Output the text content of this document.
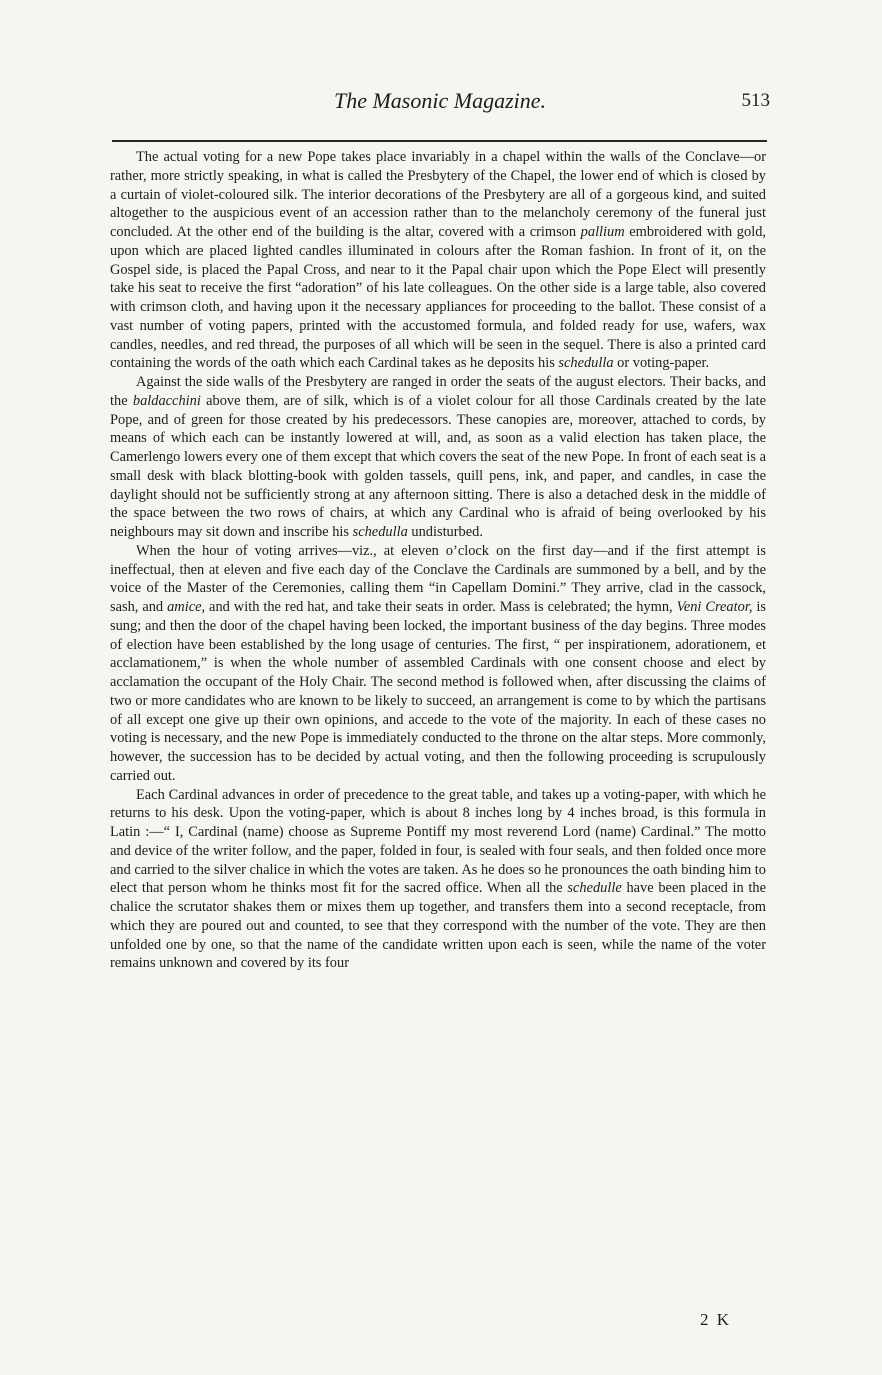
The Masonic Magazine.	513

The actual voting for a new Pope takes place invariably in a chapel within the walls of the Conclave—or rather, more strictly speaking, in what is called the Presbytery of the Chapel, the lower end of which is closed by a curtain of violet-coloured silk. The interior decorations of the Presbytery are all of a gorgeous kind, and suited altogether to the auspicious event of an accession rather than to the melancholy ceremony of the funeral just concluded. At the other end of the building is the altar, covered with a crimson pallium embroidered with gold, upon which are placed lighted candles illuminated in colours after the Roman fashion. In front of it, on the Gospel side, is placed the Papal Cross, and near to it the Papal chair upon which the Pope Elect will presently take his seat to receive the first “adoration” of his late colleagues. On the other side is a large table, also covered with crimson cloth, and having upon it the necessary appliances for proceeding to the ballot. These consist of a vast number of voting papers, printed with the accustomed formula, and folded ready for use, wafers, wax candles, needles, and red thread, the purposes of all which will be seen in the sequel. There is also a printed card containing the words of the oath which each Cardinal takes as he deposits his schedulla or voting-paper.

Against the side walls of the Presbytery are ranged in order the seats of the august electors. Their backs, and the baldacchini above them, are of silk, which is of a violet colour for all those Cardinals created by the late Pope, and of green for those created by his predecessors. These canopies are, moreover, attached to cords, by means of which each can be instantly lowered at will, and, as soon as a valid election has taken place, the Camerlengo lowers every one of them except that which covers the seat of the new Pope. In front of each seat is a small desk with black blotting-book with golden tassels, quill pens, ink, and paper, and candles, in case the daylight should not be sufficiently strong at any afternoon sitting. There is also a detached desk in the middle of the space between the two rows of chairs, at which any Cardinal who is afraid of being overlooked by his neighbours may sit down and inscribe his schedulla undisturbed.

When the hour of voting arrives—viz., at eleven o’clock on the first day—and if the first attempt is ineffectual, then at eleven and five each day of the Conclave the Cardinals are summoned by a bell, and by the voice of the Master of the Ceremonies, calling them “in Capellam Domini.” They arrive, clad in the cassock, sash, and amice, and with the red hat, and take their seats in order. Mass is celebrated; the hymn, Veni Creator, is sung; and then the door of the chapel having been locked, the important business of the day begins. Three modes of election have been established by the long usage of centuries. The first, “ per inspirationem, adorationem, et acclamationem,” is when the whole number of assembled Cardinals with one consent choose and elect by acclamation the occupant of the Holy Chair. The second method is followed when, after discussing the claims of two or more candidates who are known to be likely to succeed, an arrangement is come to by which the partisans of all except one give up their own opinions, and accede to the vote of the majority. In each of these cases no voting is necessary, and the new Pope is immediately conducted to the throne on the altar steps. More commonly, however, the succession has to be decided by actual voting, and then the following proceeding is scrupulously carried out.

Each Cardinal advances in order of precedence to the great table, and takes up a voting-paper, with which he returns to his desk. Upon the voting-paper, which is about 8 inches long by 4 inches broad, is this formula in Latin :—“ I, Cardinal (name) choose as Supreme Pontiff my most reverend Lord (name) Cardinal.” The motto and device of the writer follow, and the paper, folded in four, is sealed with four seals, and then folded once more and carried to the silver chalice in which the votes are taken. As he does so he pronounces the oath binding him to elect that person whom he thinks most fit for the sacred office. When all the schedulle have been placed in the chalice the scrutator shakes them or mixes them up together, and transfers them into a second receptacle, from which they are poured out and counted, to see that they correspond with the number of the vote. They are then unfolded one by one, so that the name of the candidate written upon each is seen, while the name of the voter remains unknown and covered by its four

2 K
